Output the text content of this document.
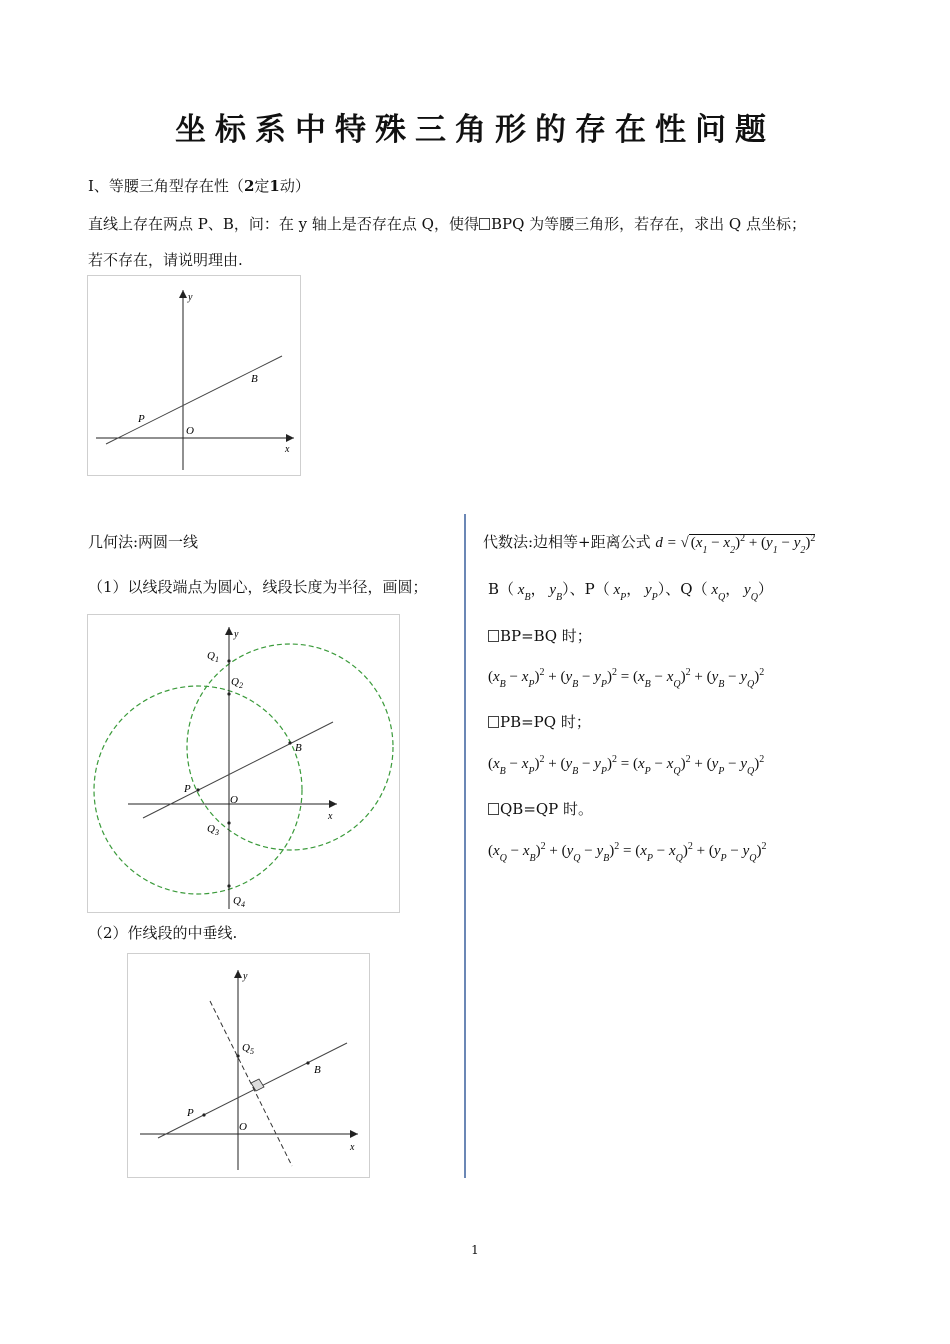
坐标系中特殊三角形的存在性问题
Ⅰ、等腰三角型存在性（2定1动）
直线上存在两点 P、B，问：在 y 轴上是否存在点 Q，使得 BPQ 为等腰三角形，若存在，求出 Q 点坐标；
若不存在，请说明理由.
y
x
O
P
B
几何法:两圆一线
（1）以线段端点为圆心，线段长度为半径，画圆；
y
x
O
P
B
$Q_1$
$Q_2$
$Q_3$
$Q_4$
（2）作线段的中垂线.
y
x
O
P
B
$Q_5$
代数法:边相等+距离公式 d = √ $(x_1 - x_2)^2 + (y_1 - y_2)^2$
B（ $x_B$， $y_B$）、P（ $x_P$， $y_P$）、Q（ $x_Q$， $y_Q$）
BP=BQ 时；
$(x_B - x_P)^2 + (y_B - y_P)^2 = (x_B - x_Q)^2 + (y_B - y_Q)^2$
PB=PQ 时；
$(x_B - x_P)^2 + (y_B - y_P)^2 = (x_P - x_Q)^2 + (y_P - y_Q)^2$
QB=QP 时。
$(x_Q - x_B)^2 + (y_Q - y_B)^2 = (x_P - x_Q)^2 + (y_P - y_Q)^2$
1
